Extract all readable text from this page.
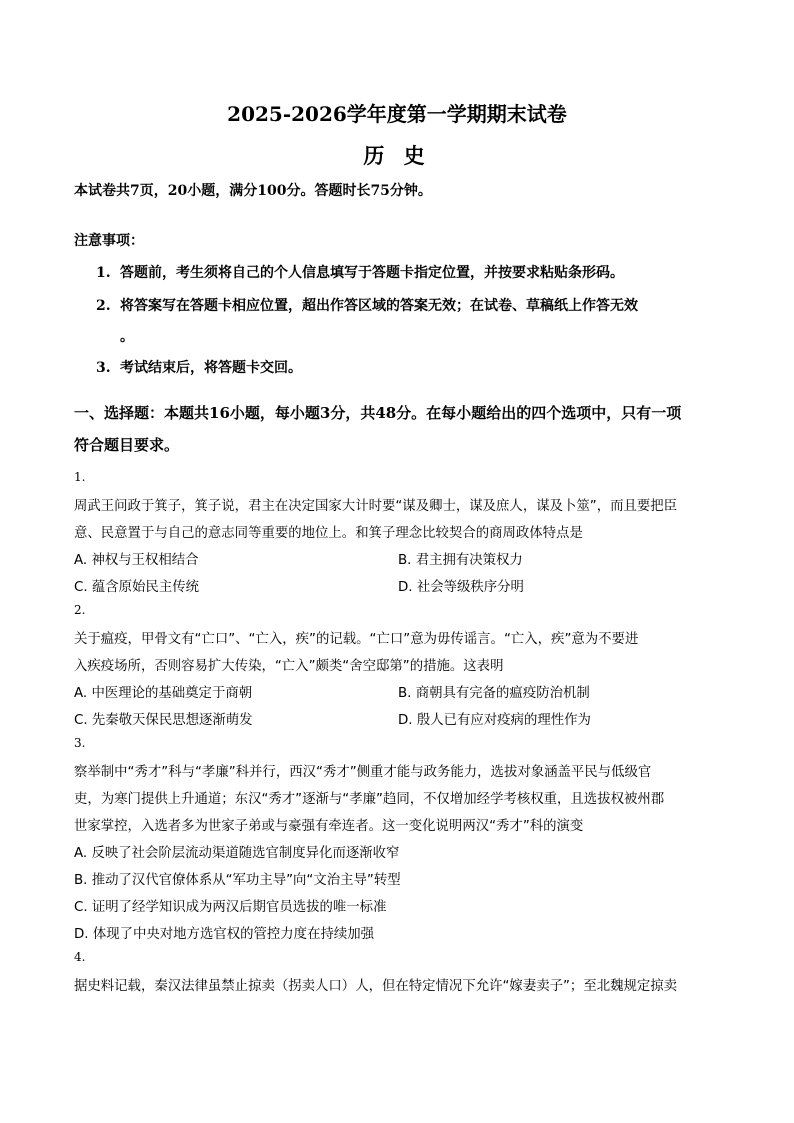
2025-2026学年度第一学期期末试卷
历 史
本试卷共7页，20小题，满分100分。答题时长75分钟。
注意事项：
1. 答题前，考生须将自己的个人信息填写于答题卡指定位置，并按要求粘贴条形码。
2. 将答案写在答题卡相应位置，超出作答区域的答案无效；在试卷、草稿纸上作答无效
。
3. 考试结束后，将答题卡交回。
一、选择题：本题共16小题，每小题3分，共48分。在每小题给出的四个选项中，只有一项
符合题目要求。
1.
周武王问政于箕子，箕子说，君主在决定国家大计时要“谋及卿士，谋及庶人，谋及卜筮”，而且要把臣
意、民意置于与自己的意志同等重要的地位上。和箕子理念比较契合的商周政体特点是
A. 神权与王权相结合	B. 君主拥有决策权力
C. 蕴含原始民主传统	D. 社会等级秩序分明
2.
关于瘟疫，甲骨文有“亡口”、“亡入，疾”的记载。“亡口”意为毋传谣言。“亡入，疾”意为不要进
入疾疫场所，否则容易扩大传染，“亡入”颇类“舍空邸第”的措施。这表明
A. 中医理论的基础奠定于商朝	B. 商朝具有完备的瘟疫防治机制
C. 先秦敬天保民思想逐渐萌发	D. 殷人已有应对疫病的理性作为
3.
察举制中“秀才”科与“孝廉”科并行，西汉“秀才”侧重才能与政务能力，选拔对象涵盖平民与低级官
吏，为寒门提供上升通道；东汉“秀才”逐渐与“孝廉”趋同，不仅增加经学考核权重，且选拔权被州郡
世家掌控，入选者多为世家子弟或与豪强有牵连者。这一变化说明两汉“秀才”科的演变
A. 反映了社会阶层流动渠道随选官制度异化而逐渐收窄
B. 推动了汉代官僚体系从“军功主导”向“文治主导”转型
C. 证明了经学知识成为两汉后期官员选拔的唯一标准
D. 体现了中央对地方选官权的管控力度在持续加强
4.
据史料记载，秦汉法律虽禁止掠卖（拐卖人口）人，但在特定情况下允许“嫁妻卖子”；至北魏规定掠卖
